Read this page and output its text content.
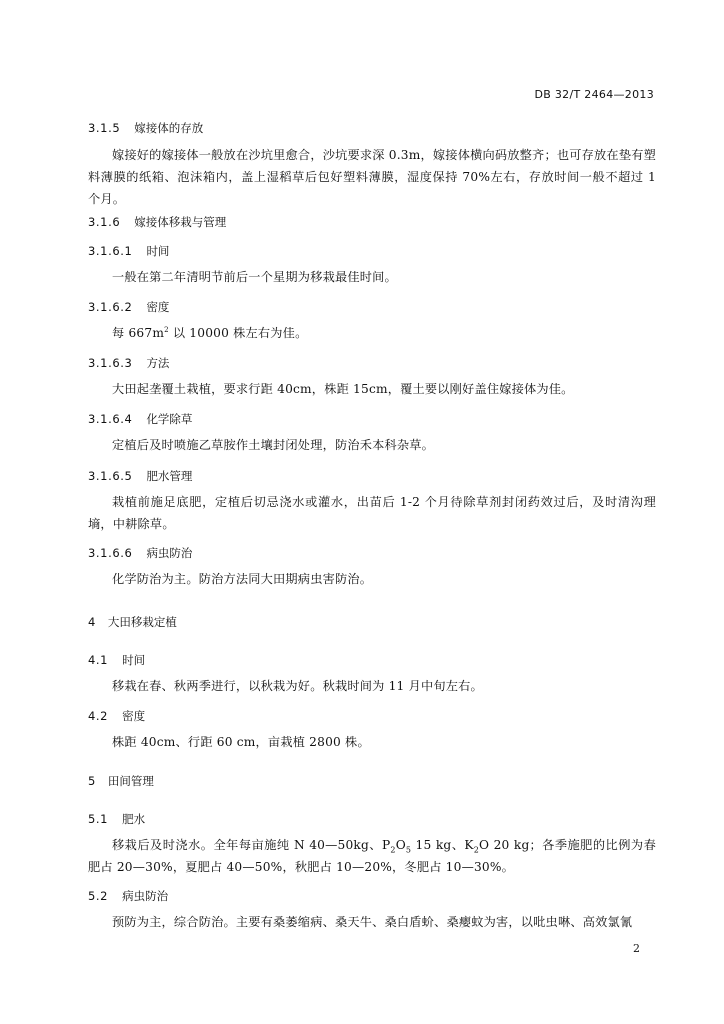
DB 32/T 2464—2013
3.1.5 嫁接体的存放
嫁接好的嫁接体一般放在沙坑里愈合，沙坑要求深 0.3m，嫁接体横向码放整齐；也可存放在垫有塑料薄膜的纸箱、泡沫箱内，盖上湿稻草后包好塑料薄膜，湿度保持 70%左右，存放时间一般不超过 1 个月。
3.1.6 嫁接体移栽与管理
3.1.6.1 时间
一般在第二年清明节前后一个星期为移栽最佳时间。
3.1.6.2 密度
每 $667m^2$ 以 10000 株左右为佳。
3.1.6.3 方法
大田起垄覆土栽植，要求行距 40cm，株距 15cm，覆土要以刚好盖住嫁接体为佳。
3.1.6.4 化学除草
定植后及时喷施乙草胺作土壤封闭处理，防治禾本科杂草。
3.1.6.5 肥水管理
栽植前施足底肥，定植后切忌浇水或灌水，出苗后 1-2 个月待除草剂封闭药效过后，及时清沟理墒，中耕除草。
3.1.6.6 病虫防治
化学防治为主。防治方法同大田期病虫害防治。
4 大田移栽定植
4.1 时间
移栽在春、秋两季进行，以秋栽为好。秋栽时间为 11 月中旬左右。
4.2 密度
株距 40cm、行距 60 cm，亩栽植 2800 株。
5 田间管理
5.1 肥水
移栽后及时浇水。全年每亩施纯 N 40—50kg、$P_2O_5$ 15 kg、$K_2O$ 20 kg；各季施肥的比例为春肥占 20—30%，夏肥占 40—50%，秋肥占 10—20%，冬肥占 10—30%。
5.2 病虫防治
预防为主，综合防治。主要有桑萎缩病、桑天牛、桑白盾蚧、桑瘿蚊为害，以吡虫啉、高效氯氰
2
